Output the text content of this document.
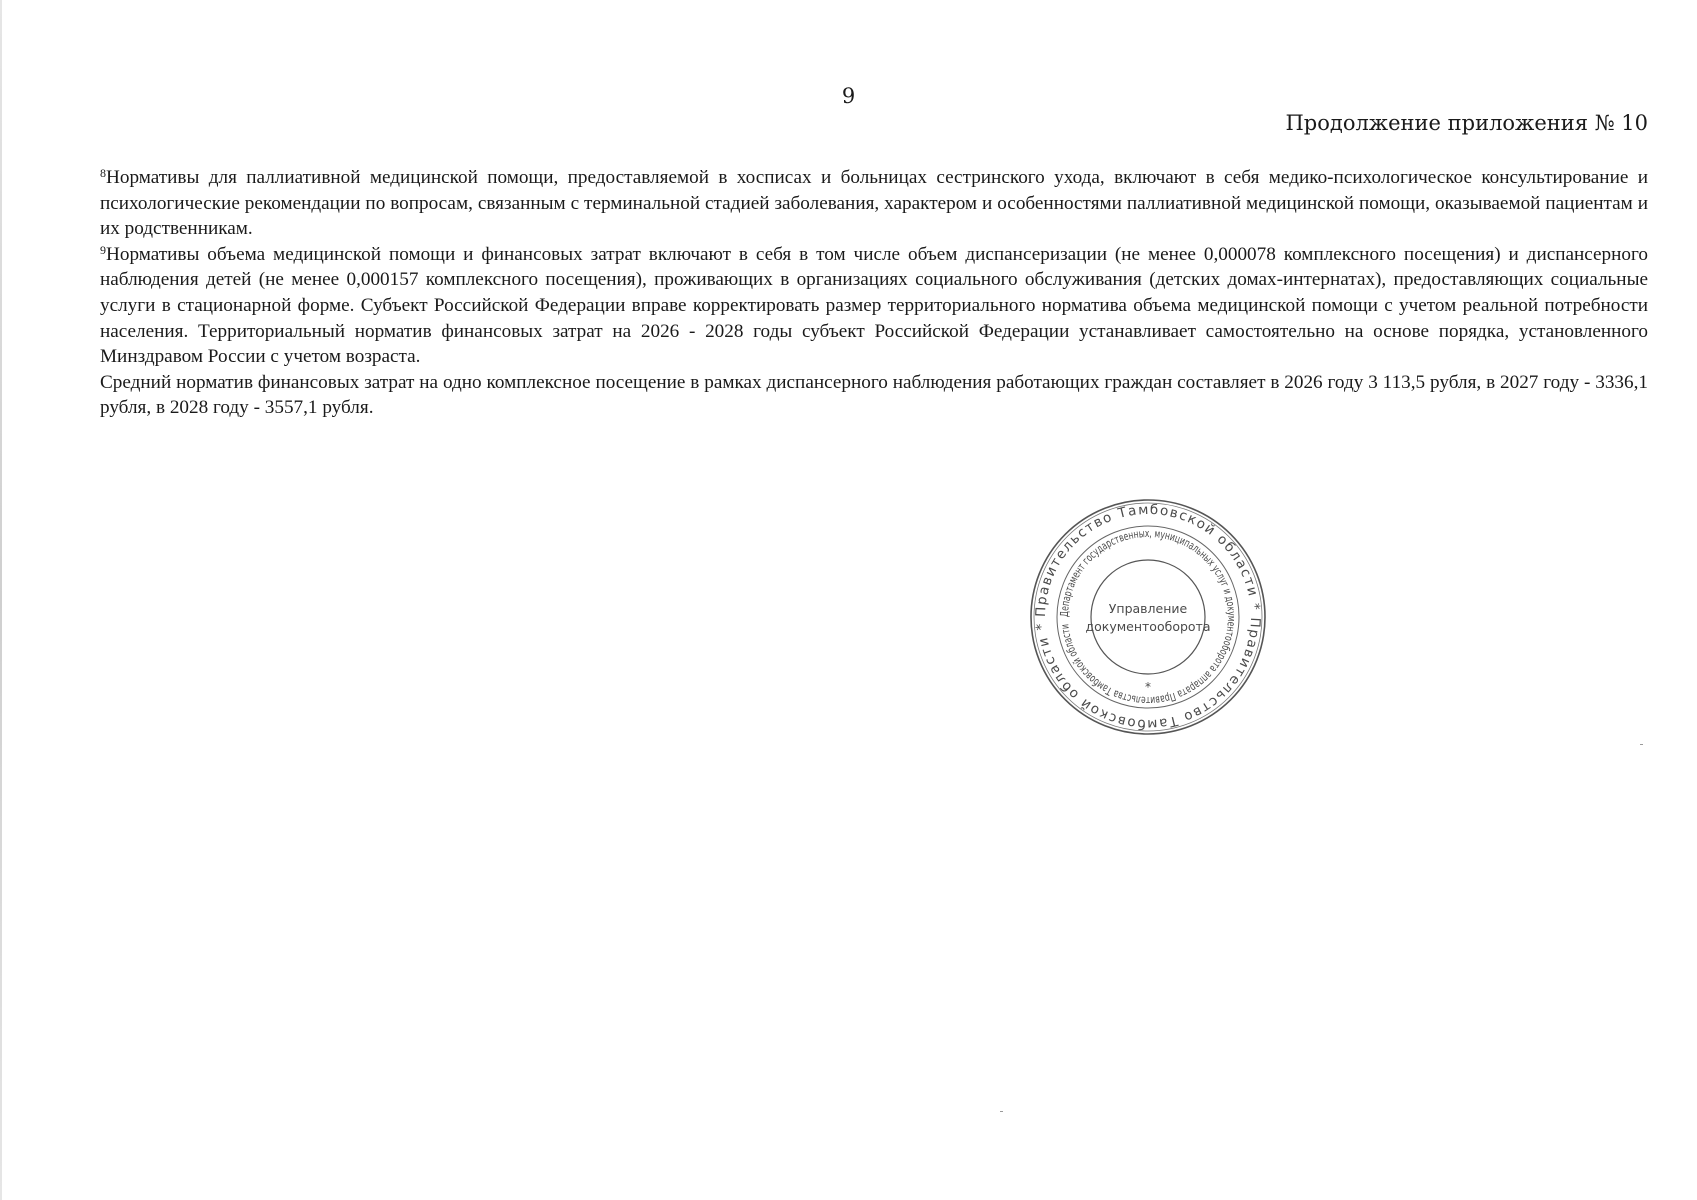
9
Продолжение приложения № 10

$^8$Нормативы для паллиативной медицинской помощи, предоставляемой в хосписах и больницах сестринского ухода, включают в себя медико-психологическое консультирование и психологические рекомендации по вопросам, связанным с терминальной стадией заболевания, характером и особенностями паллиативной медицинской помощи, оказываемой пациентам и их родственникам.

$^9$Нормативы объема медицинской помощи и финансовых затрат включают в себя в том числе объем диспансеризации (не менее 0,000078 комплексного посещения) и диспансерного наблюдения детей (не менее 0,000157 комплексного посещения), проживающих в организациях социального обслуживания (детских домах-интернатах), предоставляющих социальные услуги в стационарной форме. Субъект Российской Федерации вправе корректировать размер территориального норматива объема медицинской помощи с учетом реальной потребности населения. Территориальный норматив финансовых затрат на 2026 - 2028 годы субъект Российской Федерации устанавливает самостоятельно на основе порядка, установленного Минздравом России с учетом возраста.

Средний норматив финансовых затрат на одно комплексное посещение в рамках диспансерного наблюдения работающих граждан составляет в 2026 году 3 113,5 рубля, в 2027 году - 3336,1 рубля, в 2028 году - 3557,1 рубля.

Правительство Тамбовской области * Правительство Тамбовской области *
Департамент государственных, муниципальных услуг и документооборота аппарата Правительства Тамбовской области
Управление
документооборота
*
